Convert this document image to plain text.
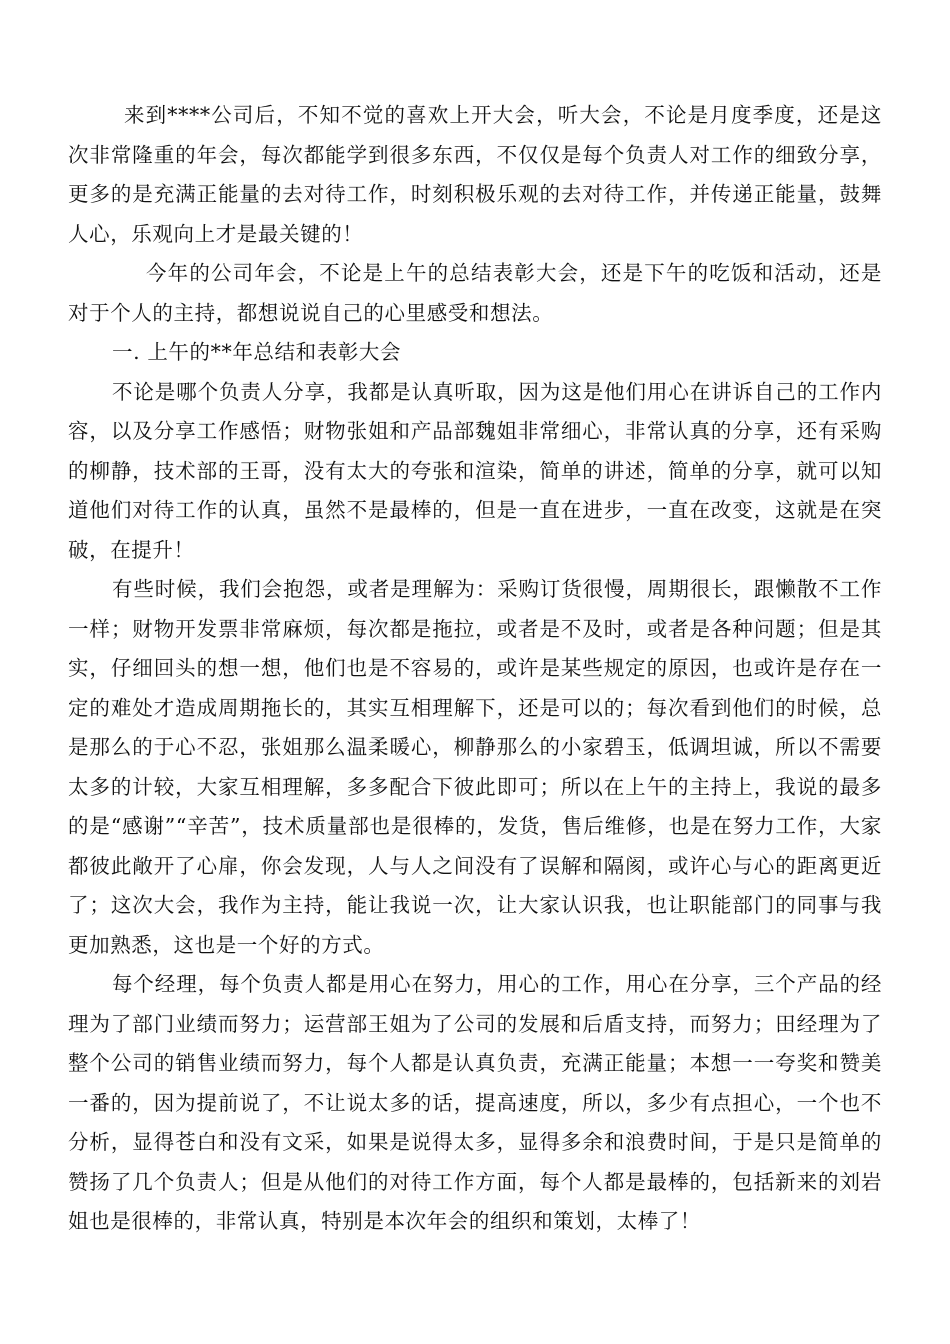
来到****公司后，不知不觉的喜欢上开大会，听大会，不论是月度季度，还是这次非常隆重的年会，每次都能学到很多东西，不仅仅是每个负责人对工作的细致分享，更多的是充满正能量的去对待工作，时刻积极乐观的去对待工作，并传递正能量，鼓舞人心，乐观向上才是最关键的！

今年的公司年会，不论是上午的总结表彰大会，还是下午的吃饭和活动，还是对于个人的主持，都想说说自己的心里感受和想法。

一. 上午的**年总结和表彰大会

不论是哪个负责人分享，我都是认真听取，因为这是他们用心在讲诉自己的工作内容，以及分享工作感悟；财物张姐和产品部魏姐非常细心，非常认真的分享，还有采购的柳静，技术部的王哥，没有太大的夸张和渲染，简单的讲述，简单的分享，就可以知道他们对待工作的认真，虽然不是最棒的，但是一直在进步，一直在改变，这就是在突破，在提升！

有些时候，我们会抱怨，或者是理解为：采购订货很慢，周期很长，跟懒散不工作一样；财物开发票非常麻烦，每次都是拖拉，或者是不及时，或者是各种问题；但是其实，仔细回头的想一想，他们也是不容易的，或许是某些规定的原因，也或许是存在一定的难处才造成周期拖长的，其实互相理解下，还是可以的；每次看到他们的时候，总是那么的于心不忍，张姐那么温柔暖心，柳静那么的小家碧玉，低调坦诚，所以不需要太多的计较，大家互相理解，多多配合下彼此即可；所以在上午的主持上，我说的最多的是“感谢”“辛苦”，技术质量部也是很棒的，发货，售后维修，也是在努力工作，大家都彼此敞开了心扉，你会发现，人与人之间没有了误解和隔阂，或许心与心的距离更近了；这次大会，我作为主持，能让我说一次，让大家认识我，也让职能部门的同事与我更加熟悉，这也是一个好的方式。

每个经理，每个负责人都是用心在努力，用心的工作，用心在分享，三个产品的经理为了部门业绩而努力；运营部王姐为了公司的发展和后盾支持，而努力；田经理为了整个公司的销售业绩而努力，每个人都是认真负责，充满正能量；本想一一夸奖和赞美一番的，因为提前说了，不让说太多的话，提高速度，所以，多少有点担心，一个也不分析，显得苍白和没有文采，如果是说得太多，显得多余和浪费时间，于是只是简单的赞扬了几个负责人；但是从他们的对待工作方面，每个人都是最棒的，包括新来的刘岩姐也是很棒的，非常认真，特别是本次年会的组织和策划，太棒了！
